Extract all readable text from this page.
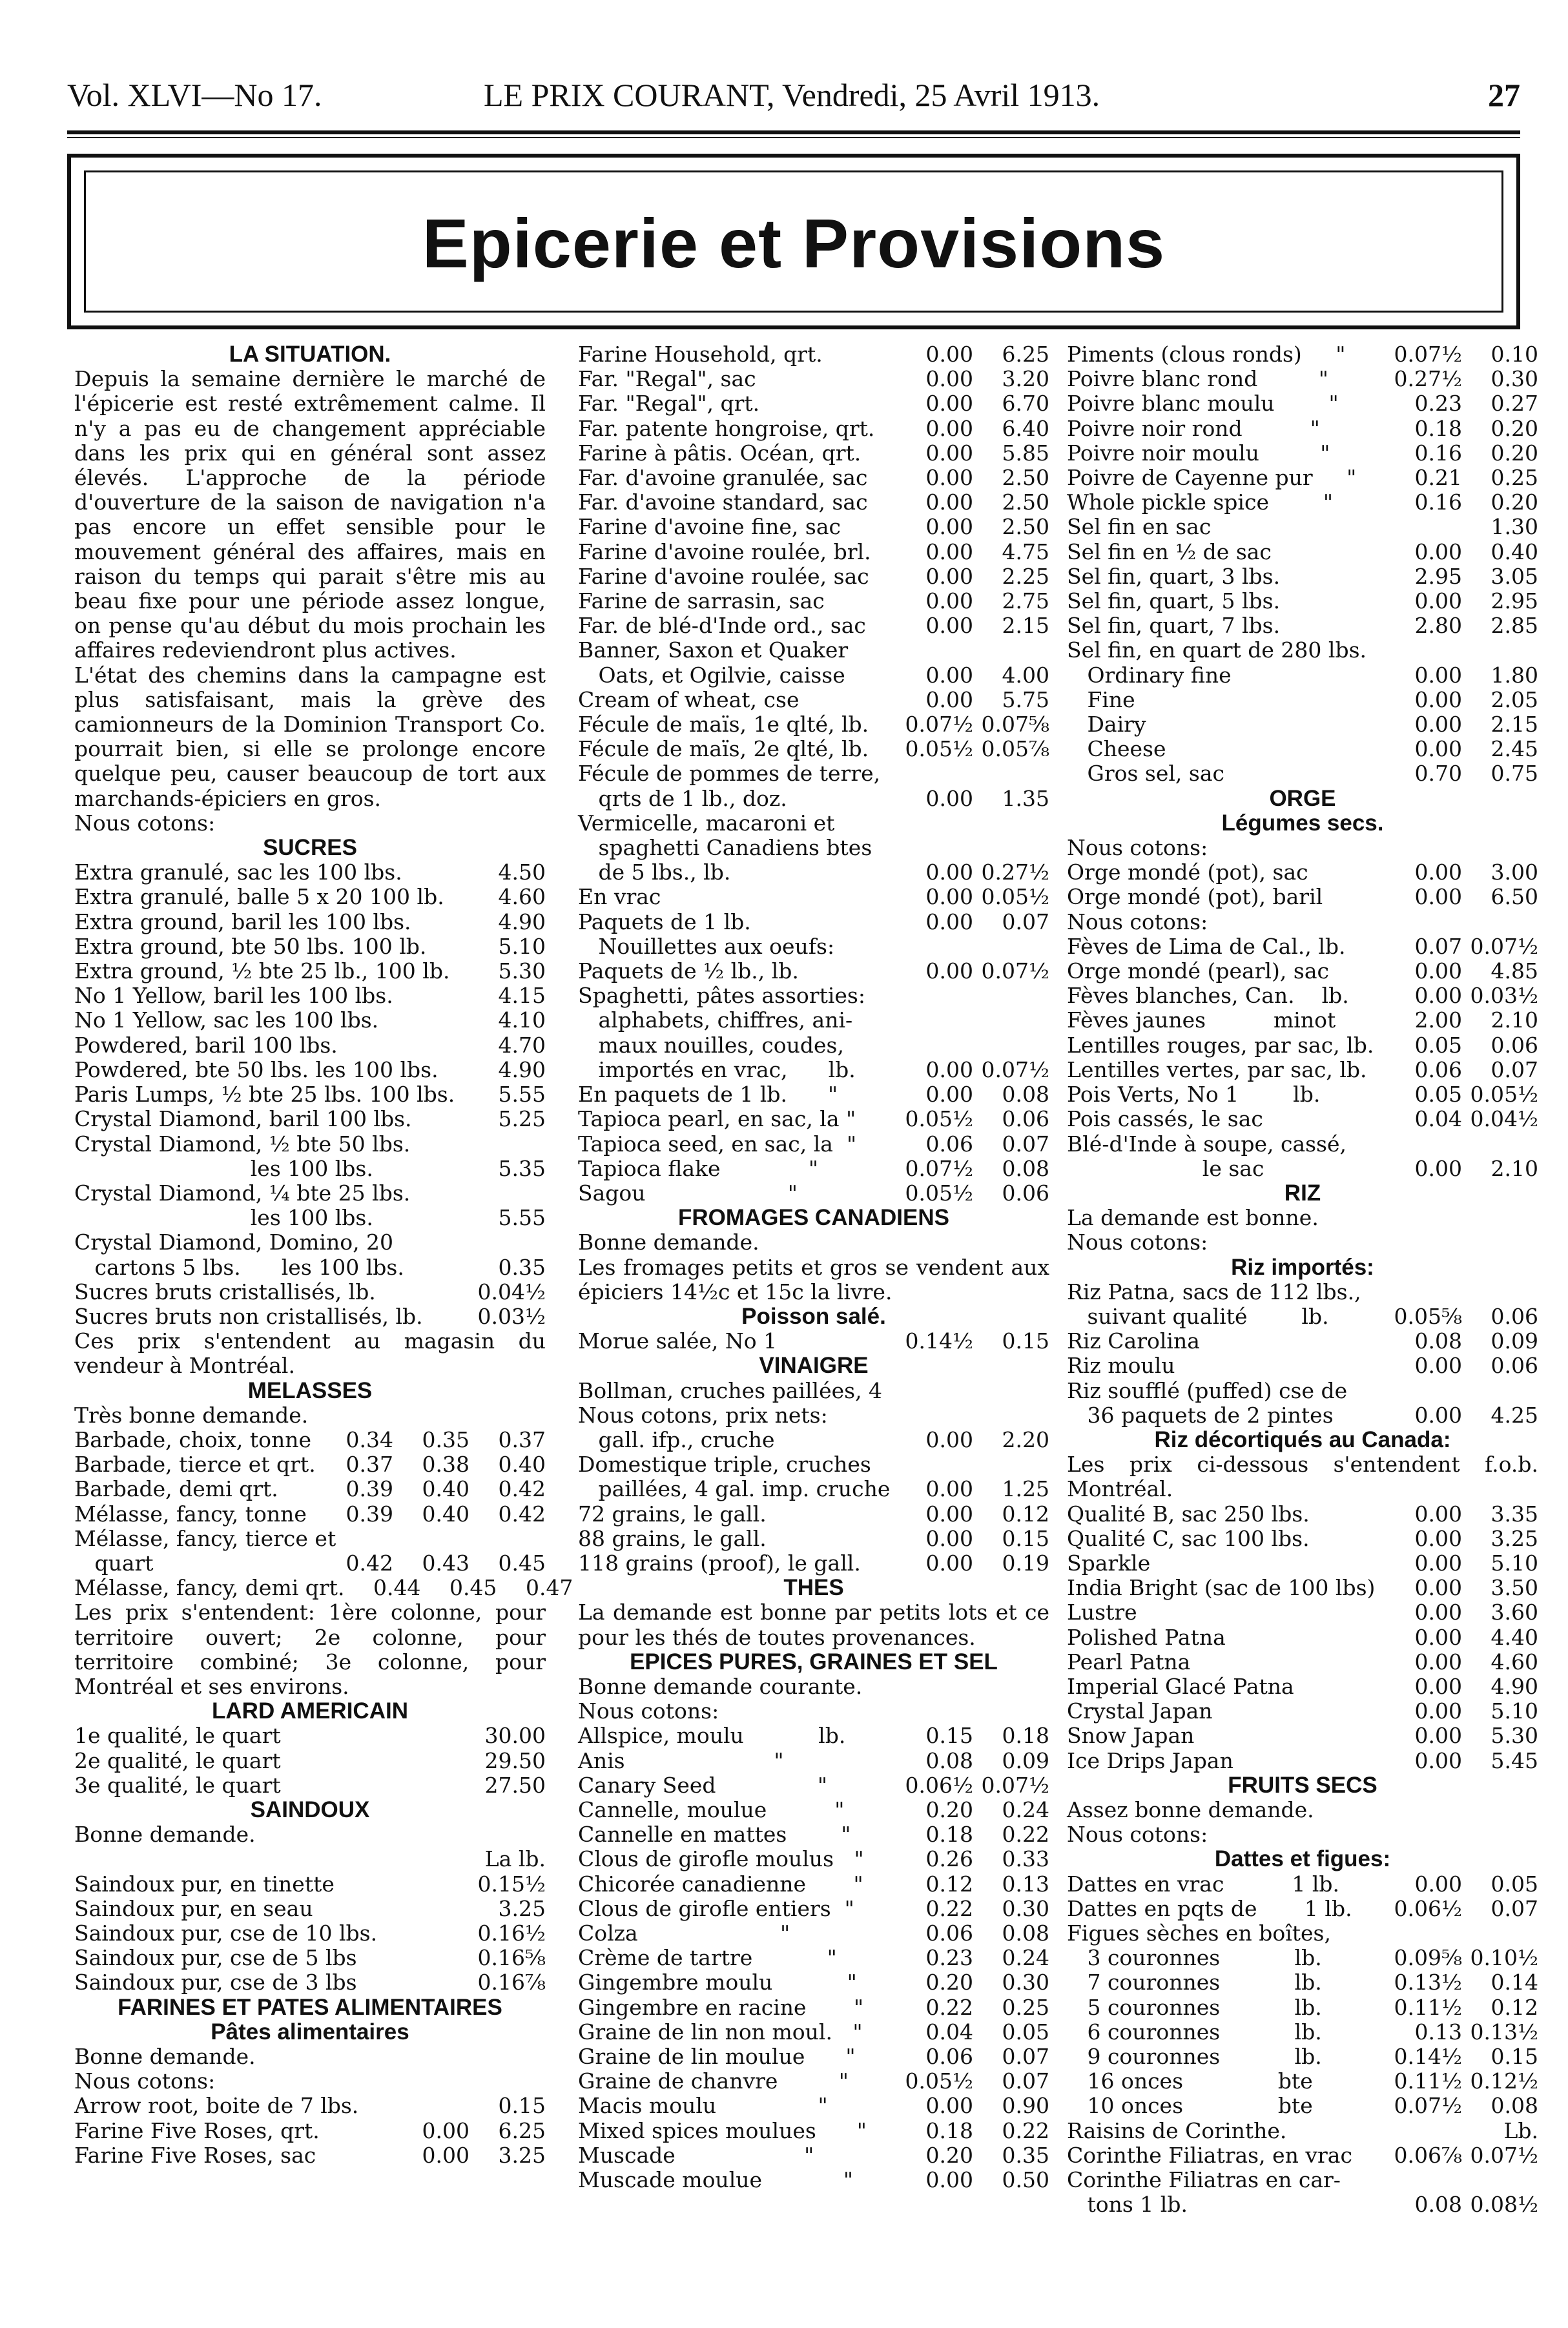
Vol. XLVI—No 17.	LE PRIX COURANT, Vendredi, 25 Avril 1913.	27
Epicerie et Provisions
LA SITUATION.
Depuis la semaine dernière le marché de l'épicerie est resté extrêmement calme. Il n'y a pas eu de changement appréciable dans les prix qui en général sont assez élevés. L'approche de la période d'ouverture de la saison de navigation n'a pas encore un effet sensible pour le mouvement général des affaires, mais en raison du temps qui parait s'être mis au beau fixe pour une période assez longue, on pense qu'au début du mois prochain les affaires redeviendront plus actives.
L'état des chemins dans la campagne est plus satisfaisant, mais la grève des camionneurs de la Dominion Transport Co. pourrait bien, si elle se prolonge encore quelque peu, causer beaucoup de tort aux marchands-épiciers en gros.
Nous cotons:
SUCRES
Extra granulé, sac les 100 lbs.	4.50
Extra granulé, balle 5 x 20 100 lb.	4.60
Extra ground, baril les 100 lbs.	4.90
Extra ground, bte 50 lbs. 100 lb.	5.10
Extra ground, ½ bte 25 lb., 100 lb.	5.30
No 1 Yellow, baril les 100 lbs.	4.15
No 1 Yellow, sac les 100 lbs.	4.10
Powdered, baril 100 lbs.	4.70
Powdered, bte 50 lbs. les 100 lbs.	4.90
Paris Lumps, ½ bte 25 lbs. 100 lbs.	5.55
Crystal Diamond, baril 100 lbs.	5.25
Crystal Diamond, ½ bte 50 lbs.
les 100 lbs.	5.35
Crystal Diamond, ¼ bte 25 lbs.
les 100 lbs.	5.55
Crystal Diamond, Domino, 20
cartons 5 lbs.      les 100 lbs.	0.35
Sucres bruts cristallisés, lb.	0.04½
Sucres bruts non cristallisés, lb.	0.03½
Ces prix s'entendent au magasin du vendeur à Montréal.
MELASSES
Très bonne demande.
Barbade, choix, tonne	0.34	0.35	0.37
Barbade, tierce et qrt.	0.37	0.38	0.40
Barbade, demi qrt.	0.39	0.40	0.42
Mélasse, fancy, tonne	0.39	0.40	0.42
Mélasse, fancy, tierce et
quart	0.42	0.43	0.45
Mélasse, fancy, demi qrt.	0.44	0.45	0.47
Les prix s'entendent: 1ère colonne, pour territoire ouvert; 2e colonne, pour territoire combiné; 3e colonne, pour Montréal et ses environs.
LARD AMERICAIN
1e qualité, le quart	30.00
2e qualité, le quart	29.50
3e qualité, le quart	27.50
SAINDOUX
Bonne demande.
La lb.
Saindoux pur, en tinette	0.15½
Saindoux pur, en seau	3.25
Saindoux pur, cse de 10 lbs.	0.16½
Saindoux pur, cse de 5 lbs	0.16⅝
Saindoux pur, cse de 3 lbs	0.16⅞
FARINES ET PATES ALIMENTAIRES
Pâtes alimentaires
Bonne demande.
Nous cotons:
Arrow root, boite de 7 lbs.	0.15
Farine Five Roses, qrt.	0.00	6.25
Farine Five Roses, sac	0.00	3.25
Farine Household, qrt.	0.00	6.25
Far. "Regal", sac	0.00	3.20
Far. "Regal", qrt.	0.00	6.70
Far. patente hongroise, qrt.	0.00	6.40
Farine à pâtis. Océan, qrt.	0.00	5.85
Far. d'avoine granulée, sac	0.00	2.50
Far. d'avoine standard, sac	0.00	2.50
Farine d'avoine fine, sac	0.00	2.50
Farine d'avoine roulée, brl.	0.00	4.75
Farine d'avoine roulée, sac	0.00	2.25
Farine de sarrasin, sac	0.00	2.75
Far. de blé-d'Inde ord., sac	0.00	2.15
Banner, Saxon et Quaker
Oats, et Ogilvie, caisse	0.00	4.00
Cream of wheat, cse	0.00	5.75
Fécule de maïs, 1e qlté, lb.	0.07½ 0.07⅝
Fécule de maïs, 2e qlté, lb.	0.05½ 0.05⅞
Fécule de pommes de terre,
qrts de 1 lb., doz.	0.00	1.35
Vermicelle, macaroni et
spaghetti Canadiens btes
de 5 lbs., lb.	0.00 0.27½
En vrac	0.00 0.05½
Paquets de 1 lb.	0.00	0.07
Nouillettes aux oeufs:
Paquets de ½ lb., lb.	0.00 0.07½
Spaghetti, pâtes assorties:
alphabets, chiffres, ani-
maux nouilles, coudes,
importés en vrac,      lb.	0.00 0.07½
En paquets de 1 lb.      "	0.00	0.08
Tapioca pearl, en sac, la "	0.05½	0.06
Tapioca seed, en sac, la  "	0.06	0.07
Tapioca flake             "	0.07½	0.08
Sagou                     "	0.05½	0.06
FROMAGES CANADIENS
Bonne demande.
Les fromages petits et gros se vendent aux épiciers 14½c et 15c la livre.
Poisson salé.
Morue salée, No 1	0.14½	0.15
VINAIGRE
Bollman, cruches paillées, 4
Nous cotons, prix nets:
gall. ifp., cruche	0.00	2.20
Domestique triple, cruches
paillées, 4 gal. imp. cruche	0.00	1.25
72 grains, le gall.	0.00	0.12
88 grains, le gall.	0.00	0.15
118 grains (proof), le gall.	0.00	0.19
THES
La demande est bonne par petits lots et ce pour les thés de toutes provenances.
EPICES PURES, GRAINES ET SEL
Bonne demande courante.
Nous cotons:
Allspice, moulu           lb.	0.15	0.18
Anis                      "	0.08	0.09
Canary Seed               "	0.06½ 0.07½
Cannelle, moulue          "	0.20	0.24
Cannelle en mattes        "	0.18	0.22
Clous de girofle moulus   "	0.26	0.33
Chicorée canadienne       "	0.12	0.13
Clous de girofle entiers  "	0.22	0.30
Colza                     "	0.06	0.08
Crème de tartre           "	0.23	0.24
Gingembre moulu           "	0.20	0.30
Gingembre en racine       "	0.22	0.25
Graine de lin non moul.   "	0.04	0.05
Graine de lin moulue      "	0.06	0.07
Graine de chanvre         "	0.05½	0.07
Macis moulu               "	0.00	0.90
Mixed spices moulues      "	0.18	0.22
Muscade                   "	0.20	0.35
Muscade moulue            "	0.00	0.50
Piments (clous ronds)     "	0.07½	0.10
Poivre blanc rond         "	0.27½	0.30
Poivre blanc moulu        "	0.23	0.27
Poivre noir rond          "	0.18	0.20
Poivre noir moulu         "	0.16	0.20
Poivre de Cayenne pur     "	0.21	0.25
Whole pickle spice        "	0.16	0.20
Sel fin en sac	1.30
Sel fin en ½ de sac	0.00	0.40
Sel fin, quart, 3 lbs.	2.95	3.05
Sel fin, quart, 5 lbs.	0.00	2.95
Sel fin, quart, 7 lbs.	2.80	2.85
Sel fin, en quart de 280 lbs.
Ordinary fine	0.00	1.80
Fine	0.00	2.05
Dairy	0.00	2.15
Cheese	0.00	2.45
Gros sel, sac	0.70	0.75
ORGE
Légumes secs.
Nous cotons:
Orge mondé (pot), sac	0.00	3.00
Orge mondé (pot), baril	0.00	6.50
Nous cotons:
Fèves de Lima de Cal., lb.	0.07 0.07½
Orge mondé (pearl), sac	0.00	4.85
Fèves blanches, Can.    lb.	0.00 0.03½
Fèves jaunes          minot	2.00	2.10
Lentilles rouges, par sac, lb.	0.05	0.06
Lentilles vertes, par sac, lb.	0.06	0.07
Pois Verts, No 1        lb.	0.05 0.05½
Pois cassés, le sac	0.04 0.04½
Blé-d'Inde à soupe, cassé,
le sac	0.00	2.10
RIZ
La demande est bonne.
Nous cotons:
Riz importés:
Riz Patna, sacs de 112 lbs.,
suivant qualité        lb.	0.05⅝	0.06
Riz Carolina	0.08	0.09
Riz moulu	0.00	0.06
Riz soufflé (puffed) cse de
36 paquets de 2 pintes	0.00	4.25
Riz décortiqués au Canada:
Les prix ci-dessous s'entendent f.o.b. Montréal.
Qualité B, sac 250 lbs.	0.00	3.35
Qualité C, sac 100 lbs.	0.00	3.25
Sparkle	0.00	5.10
India Bright (sac de 100 lbs)	0.00	3.50
Lustre	0.00	3.60
Polished Patna	0.00	4.40
Pearl Patna	0.00	4.60
Imperial Glacé Patna	0.00	4.90
Crystal Japan	0.00	5.10
Snow Japan	0.00	5.30
Ice Drips Japan	0.00	5.45
FRUITS SECS
Assez bonne demande.
Nous cotons:
Dattes et figues:
Dattes en vrac          1 lb.	0.00	0.05
Dattes en pqts de       1 lb.	0.06½	0.07
Figues sèches en boîtes,
3 couronnes           lb.	0.09⅝ 0.10½
7 couronnes           lb.	0.13½	0.14
5 couronnes           lb.	0.11½	0.12
6 couronnes           lb.	0.13 0.13½
9 couronnes           lb.	0.14½	0.15
16 onces              bte	0.11½ 0.12½
10 onces              bte	0.07½	0.08
Raisins de Corinthe.	Lb.
Corinthe Filiatras, en vrac	0.06⅞ 0.07½
Corinthe Filiatras en car-
tons 1 lb.	0.08 0.08½
